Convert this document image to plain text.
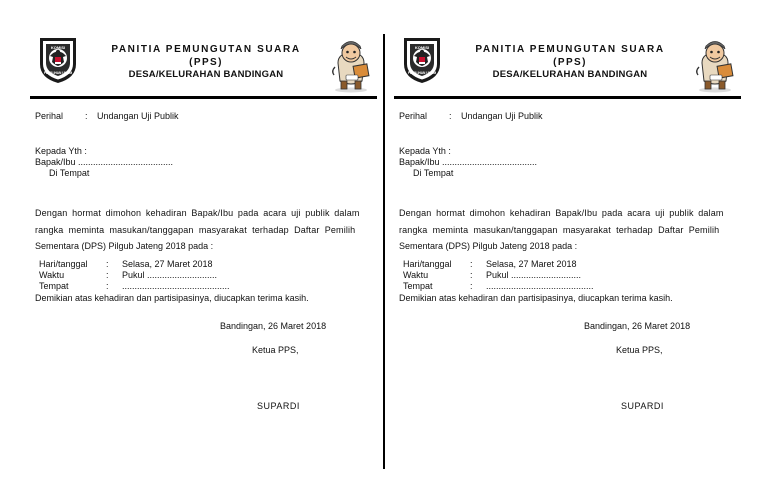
KOMISI
PEMILIHAN UMUM
PANITIA PEMUNGUTAN SUARA
(PPS)
DESA/KELURAHAN BANDINGAN
Perihal : Undangan Uji Publik
Kepada Yth :
Bapak/Ibu ......................................
Di Tempat
Dengan hormat dimohon kehadiran Bapak/Ibu pada acara uji publik dalam
rangka meminta masukan/tanggapan masyarakat terhadap Daftar Pemilih
Sementara (DPS) Pilgub Jateng 2018 pada :
Hari/tanggal : Selasa, 27 Maret 2018
Waktu	: Pukul ............................
Tempat	: ...........................................
Demikian atas kehadiran dan partisipasinya, diucapkan terima kasih.
Bandingan, 26 Maret 2018
Ketua PPS,
SUPARDI
KOMISI
PEMILIHAN UMUM
PANITIA PEMUNGUTAN SUARA
(PPS)
DESA/KELURAHAN BANDINGAN
Perihal : Undangan Uji Publik
Kepada Yth :
Bapak/Ibu ......................................
Di Tempat
Dengan hormat dimohon kehadiran Bapak/Ibu pada acara uji publik dalam
rangka meminta masukan/tanggapan masyarakat terhadap Daftar Pemilih
Sementara (DPS) Pilgub Jateng 2018 pada :
Hari/tanggal : Selasa, 27 Maret 2018
Waktu	: Pukul ............................
Tempat	: ...........................................
Demikian atas kehadiran dan partisipasinya, diucapkan terima kasih.
Bandingan, 26 Maret 2018
Ketua PPS,
SUPARDI
